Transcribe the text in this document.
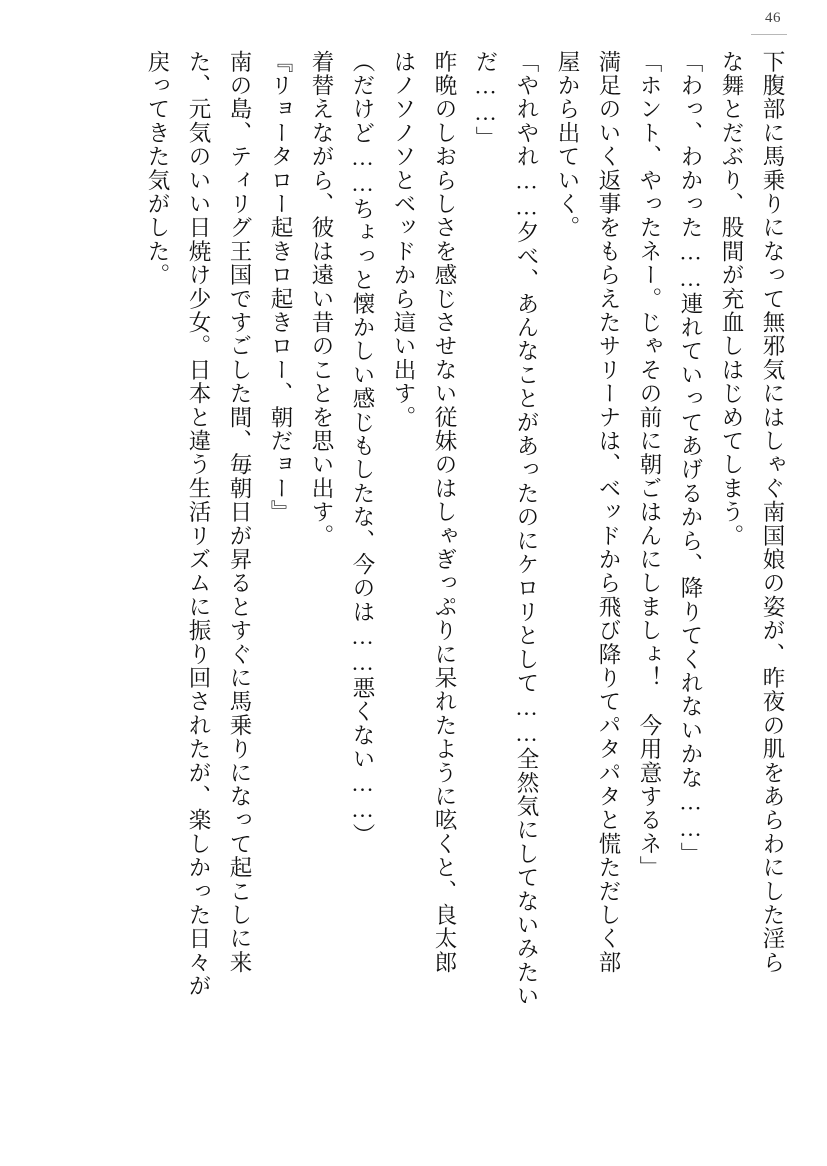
46
下腹部に馬乗りになって無邪気にはしゃぐ南国娘の姿が、昨夜の肌をあらわにした淫ら
な舞とだぶり、股間が充血しはじめてしまう。
「わっ、わかった……連れていってあげるから、降りてくれないかな……」
「ホント、やったネー。じゃその前に朝ごはんにしましょ！　今用意するネ」
満足のいく返事をもらえたサリーナは、ベッドから飛び降りてパタパタと慌ただしく部
屋から出ていく。
「やれやれ……夕べ、あんなことがあったのにケロリとして……全然気にしてないみたい
だ……」
昨晩のしおらしさを感じさせない従妹のはしゃぎっぷりに呆れたように呟くと、良太郎
はノソノソとベッドから這い出す。
（だけど……ちょっと懐かしい感じもしたな、今のは……悪くない……）
着替えながら、彼は遠い昔のことを思い出す。
『リョータロー起きロ起きロー、朝だョー』
南の島、ティリグ王国ですごした間、毎朝日が昇るとすぐに馬乗りになって起こしに来
た、元気のいい日焼け少女。日本と違う生活リズムに振り回されたが、楽しかった日々が
戻ってきた気がした。
